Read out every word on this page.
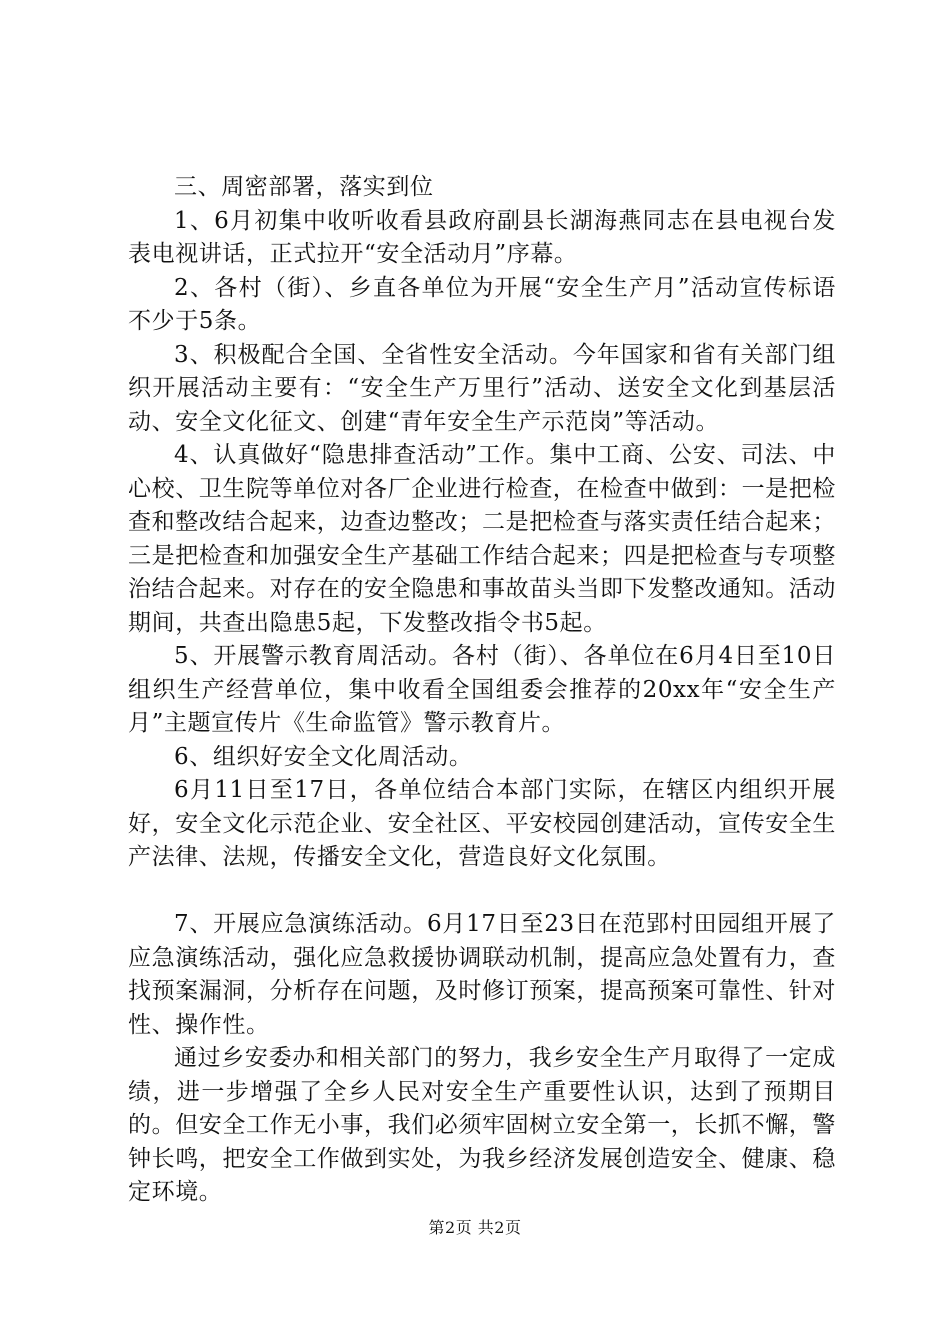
三、周密部署，落实到位

1、6月初集中收听收看县政府副县长湖海燕同志在县电视台发表电视讲话，正式拉开“安全活动月”序幕。

2、各村（街）、乡直各单位为开展“安全生产月”活动宣传标语不少于5条。

3、积极配合全国、全省性安全活动。今年国家和省有关部门组织开展活动主要有：“安全生产万里行”活动、送安全文化到基层活动、安全文化征文、创建“青年安全生产示范岗”等活动。

4、认真做好“隐患排查活动”工作。集中工商、公安、司法、中心校、卫生院等单位对各厂企业进行检查，在检查中做到：一是把检查和整改结合起来，边查边整改；二是把检查与落实责任结合起来；三是把检查和加强安全生产基础工作结合起来；四是把检查与专项整治结合起来。对存在的安全隐患和事故苗头当即下发整改通知。活动期间，共查出隐患5起，下发整改指令书5起。

5、开展警示教育周活动。各村（街）、各单位在6月4日至10日组织生产经营单位，集中收看全国组委会推荐的20xx年“安全生产月”主题宣传片《生命监管》警示教育片。

6、组织好安全文化周活动。

6月11日至17日，各单位结合本部门实际，在辖区内组织开展好，安全文化示范企业、安全社区、平安校园创建活动，宣传安全生产法律、法规，传播安全文化，营造良好文化氛围。

7、开展应急演练活动。6月17日至23日在范郢村田园组开展了应急演练活动，强化应急救援协调联动机制，提高应急处置有力，查找预案漏洞，分析存在问题，及时修订预案，提高预案可靠性、针对性、操作性。

通过乡安委办和相关部门的努力，我乡安全生产月取得了一定成绩，进一步增强了全乡人民对安全生产重要性认识，达到了预期目的。但安全工作无小事，我们必须牢固树立安全第一，长抓不懈，警钟长鸣，把安全工作做到实处，为我乡经济发展创造安全、健康、稳定环境。

第2页 共2页
